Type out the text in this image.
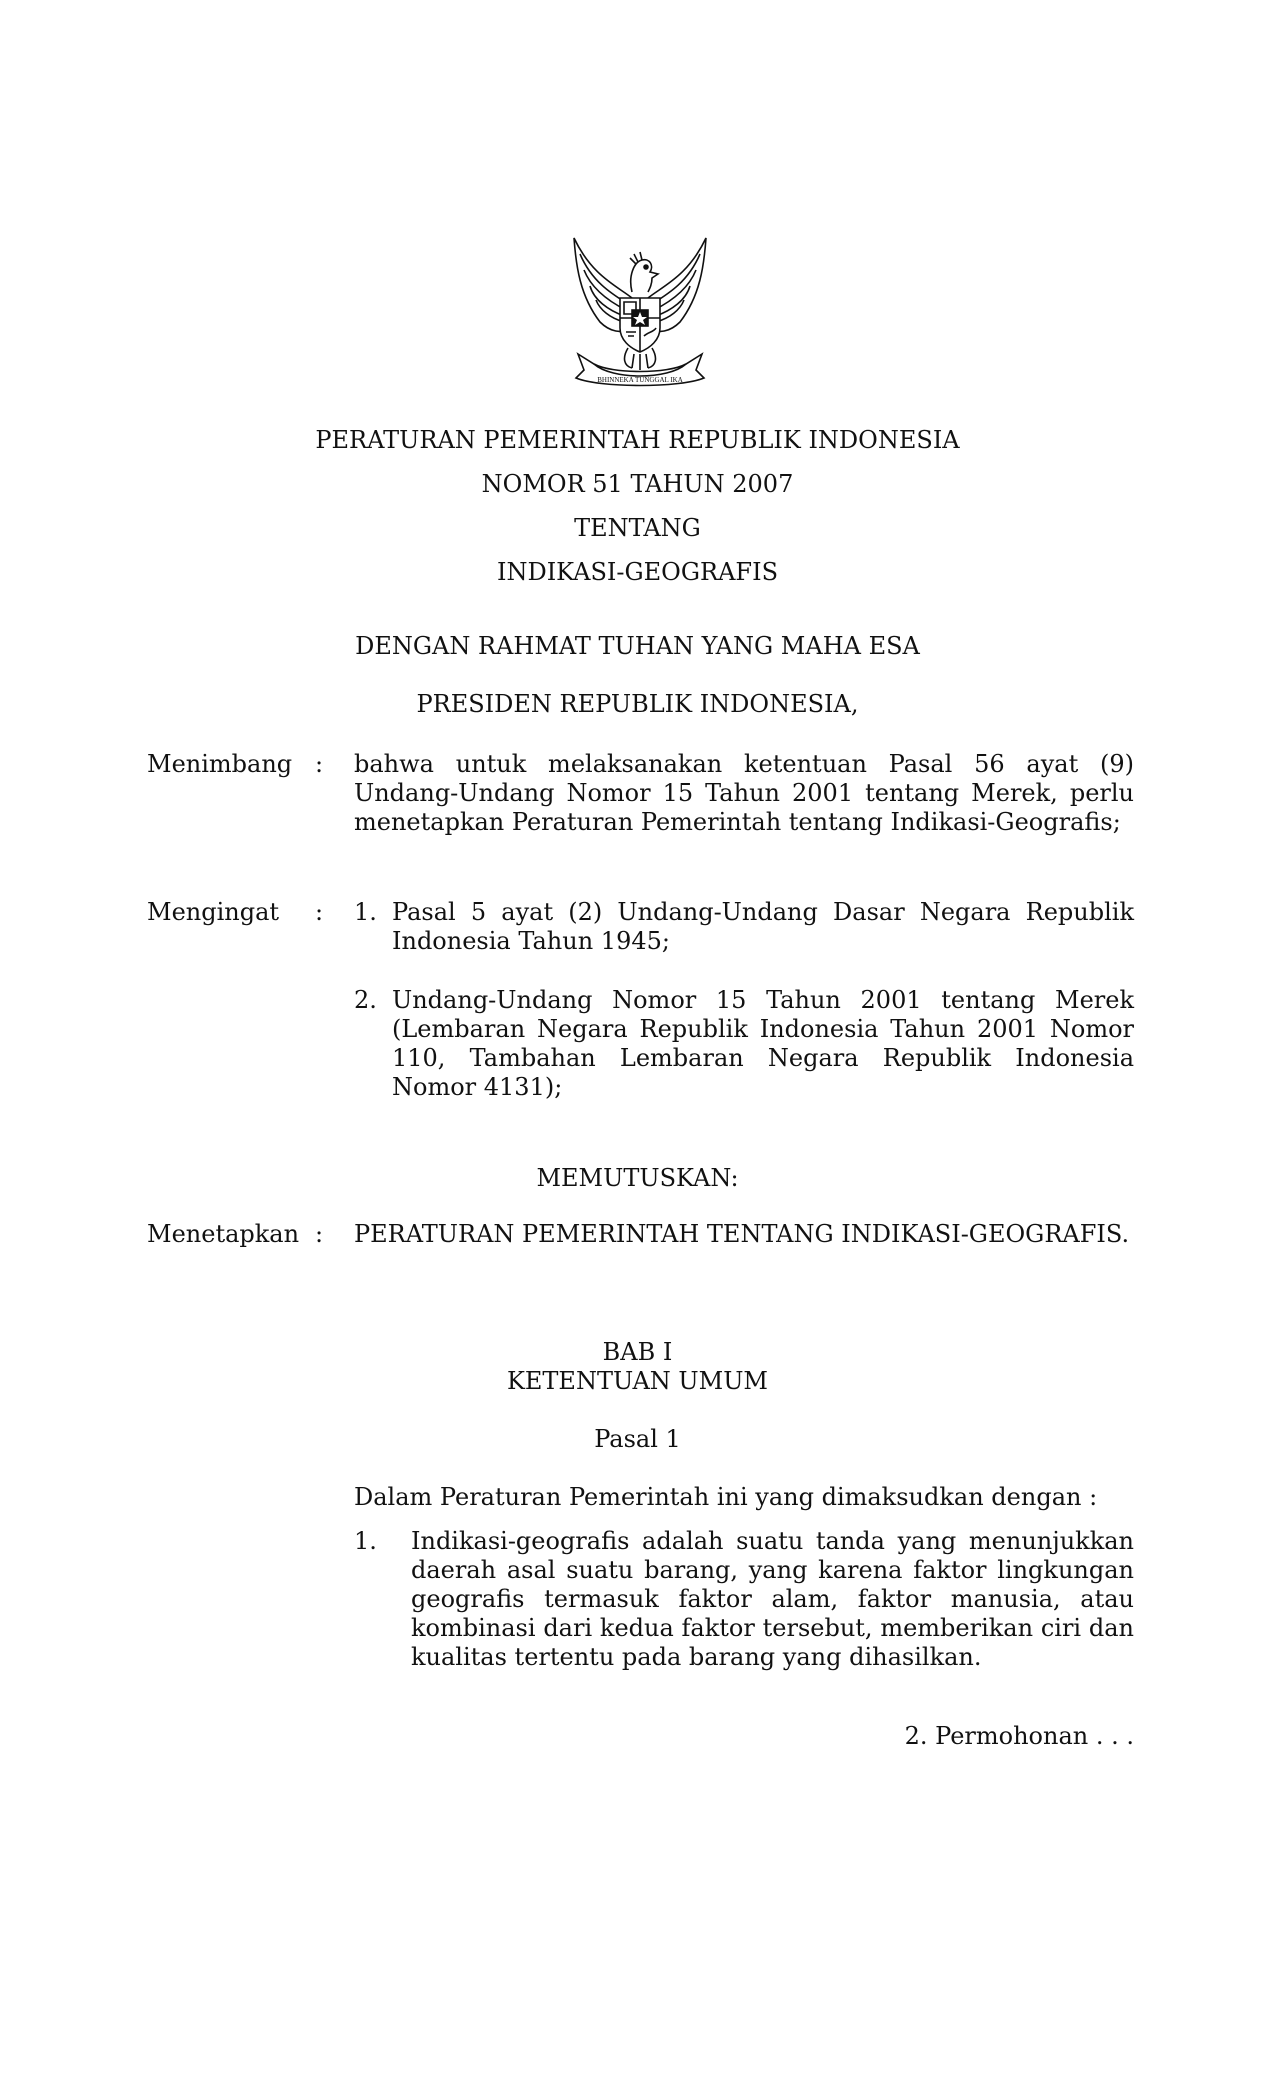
BHINNEKA TUNGGAL IKA
PERATURAN PEMERINTAH REPUBLIK INDONESIA
NOMOR 51 TAHUN 2007
TENTANG
INDIKASI-GEOGRAFIS
DENGAN RAHMAT TUHAN YANG MAHA ESA
PRESIDEN REPUBLIK INDONESIA,
Menimbang : bahwa untuk melaksanakan ketentuan Pasal 56 ayat (9) Undang-Undang Nomor 15 Tahun 2001 tentang Merek, perlu menetapkan Peraturan Pemerintah tentang Indikasi-Geografis;
Mengingat : 1. Pasal 5 ayat (2) Undang-Undang Dasar Negara Republik Indonesia Tahun 1945;
2. Undang-Undang Nomor 15 Tahun 2001 tentang Merek (Lembaran Negara Republik Indonesia Tahun 2001 Nomor 110, Tambahan Lembaran Negara Republik Indonesia Nomor 4131);
MEMUTUSKAN:
Menetapkan : PERATURAN PEMERINTAH TENTANG INDIKASI-GEOGRAFIS.
BAB I
KETENTUAN UMUM
Pasal 1
Dalam Peraturan Pemerintah ini yang dimaksudkan dengan :
1. Indikasi-geografis adalah suatu tanda yang menunjukkan daerah asal suatu barang, yang karena faktor lingkungan geografis termasuk faktor alam, faktor manusia, atau kombinasi dari kedua faktor tersebut, memberikan ciri dan kualitas tertentu pada barang yang dihasilkan.
2. Permohonan . . .
